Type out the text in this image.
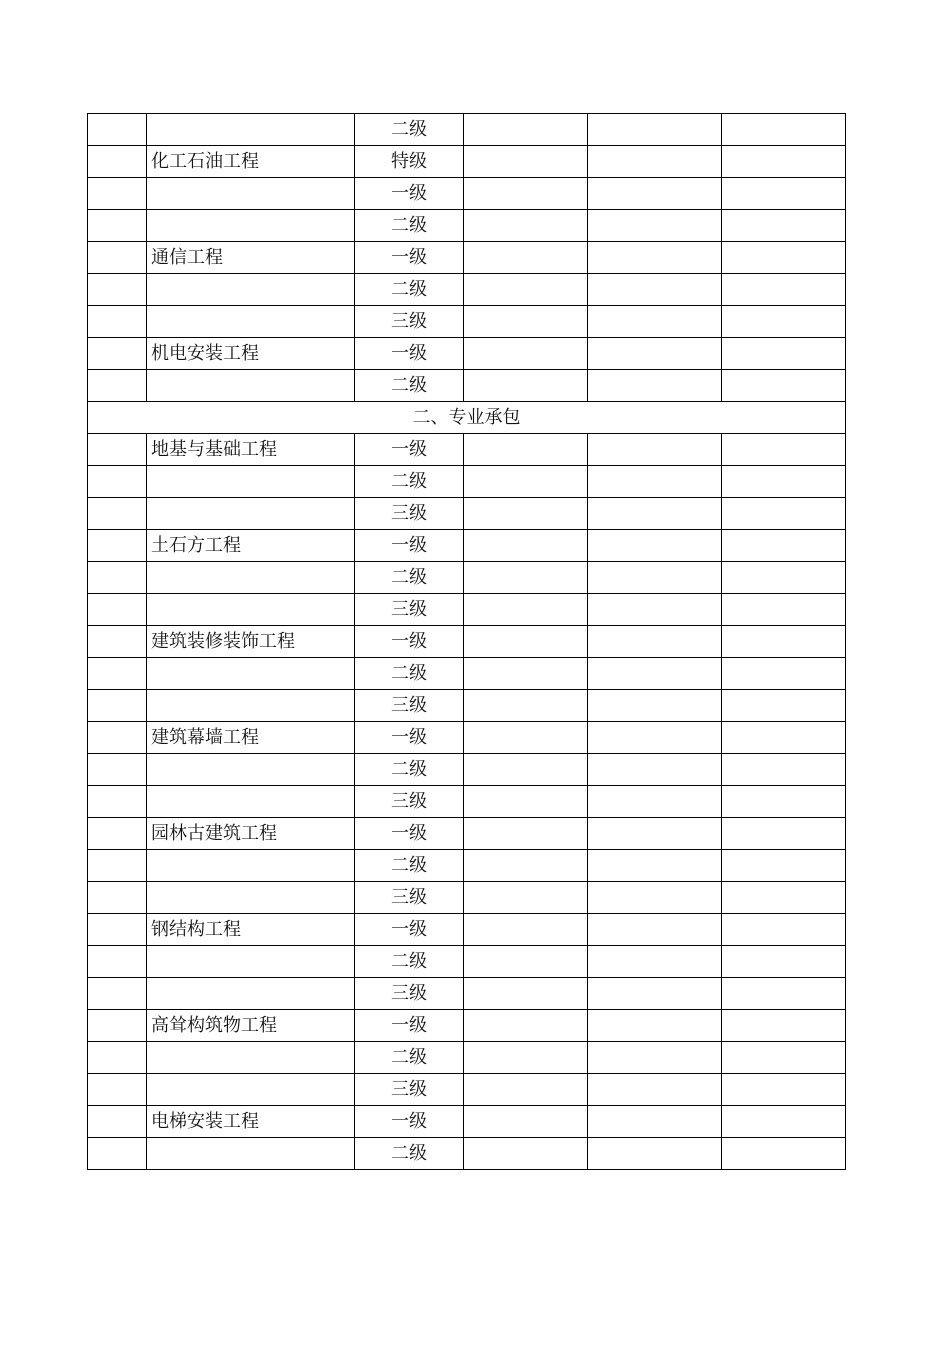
		二级			
	化工石油工程	特级			
		一级			
		二级			
	通信工程	一级			
		二级			
		三级			
	机电安装工程	一级			
		二级			
二、专业承包					
	地基与基础工程	一级			
		二级			
		三级			
	土石方工程	一级			
		二级			
		三级			
	建筑装修装饰工程	一级			
		二级			
		三级			
	建筑幕墙工程	一级			
		二级			
		三级			
	园林古建筑工程	一级			
		二级			
		三级			
	钢结构工程	一级			
		二级			
		三级			
	高耸构筑物工程	一级			
		二级			
		三级			
	电梯安装工程	一级			
		二级			
